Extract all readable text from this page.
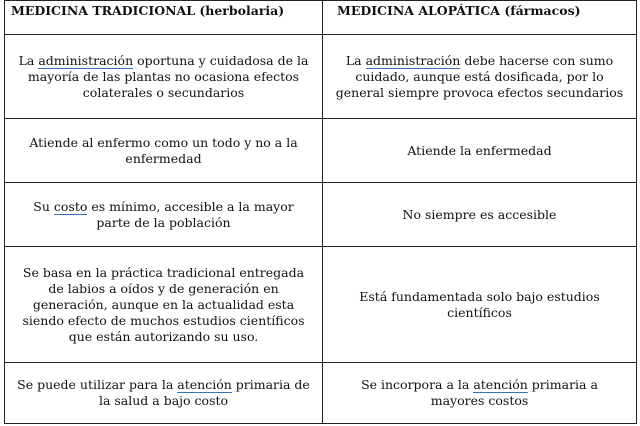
MEDICINA TRADICIONAL (herbolaria)	MEDICINA ALOPÁTICA (fármacos)
La administración oportuna y cuidadosa de la mayoría de las plantas no ocasiona efectos colaterales o secundarios	La administración debe hacerse con sumo cuidado, aunque está dosificada, por lo general siempre provoca efectos secundarios
Atiende al enfermo como un todo y no a la enfermedad	Atiende la enfermedad
Su costo es mínimo, accesible a la mayor parte de la población	No siempre es accesible
Se basa en la práctica tradicional entregada de labios a oídos y de generación en generación, aunque en la actualidad esta siendo efecto de muchos estudios científicos que están autorizando su uso.	Está fundamentada solo bajo estudios científicos
Se puede utilizar para la atención primaria de la salud a bajo costo	Se incorpora a la atención primaria a mayores costos
